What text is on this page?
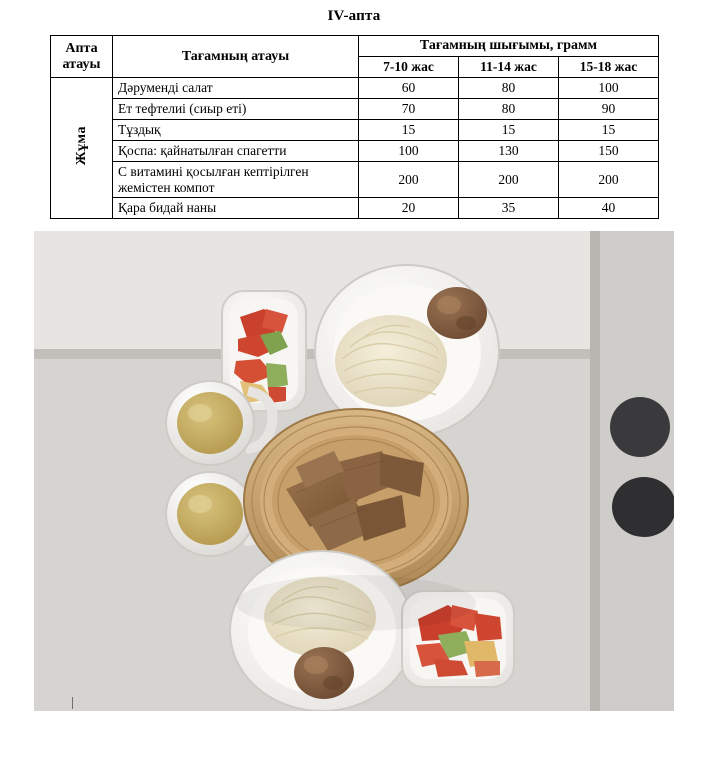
IV-апта
Апта
атауы	Тағамның атауы	Тағамның шығымы, грамм		
		7-10 жас	11-14 жас	15-18 жас
Жұма	Дәруменді салат	60	80	100
	Ет тефтелиі (сиыр еті)	70	80	90
	Тұздық	15	15	15
	Қоспа: қайнатылған спагетти	100	130	150
	С витамині қосылған кептірілген жемістен компот	200	200	200
	Қара бидай наны	20	35	40
